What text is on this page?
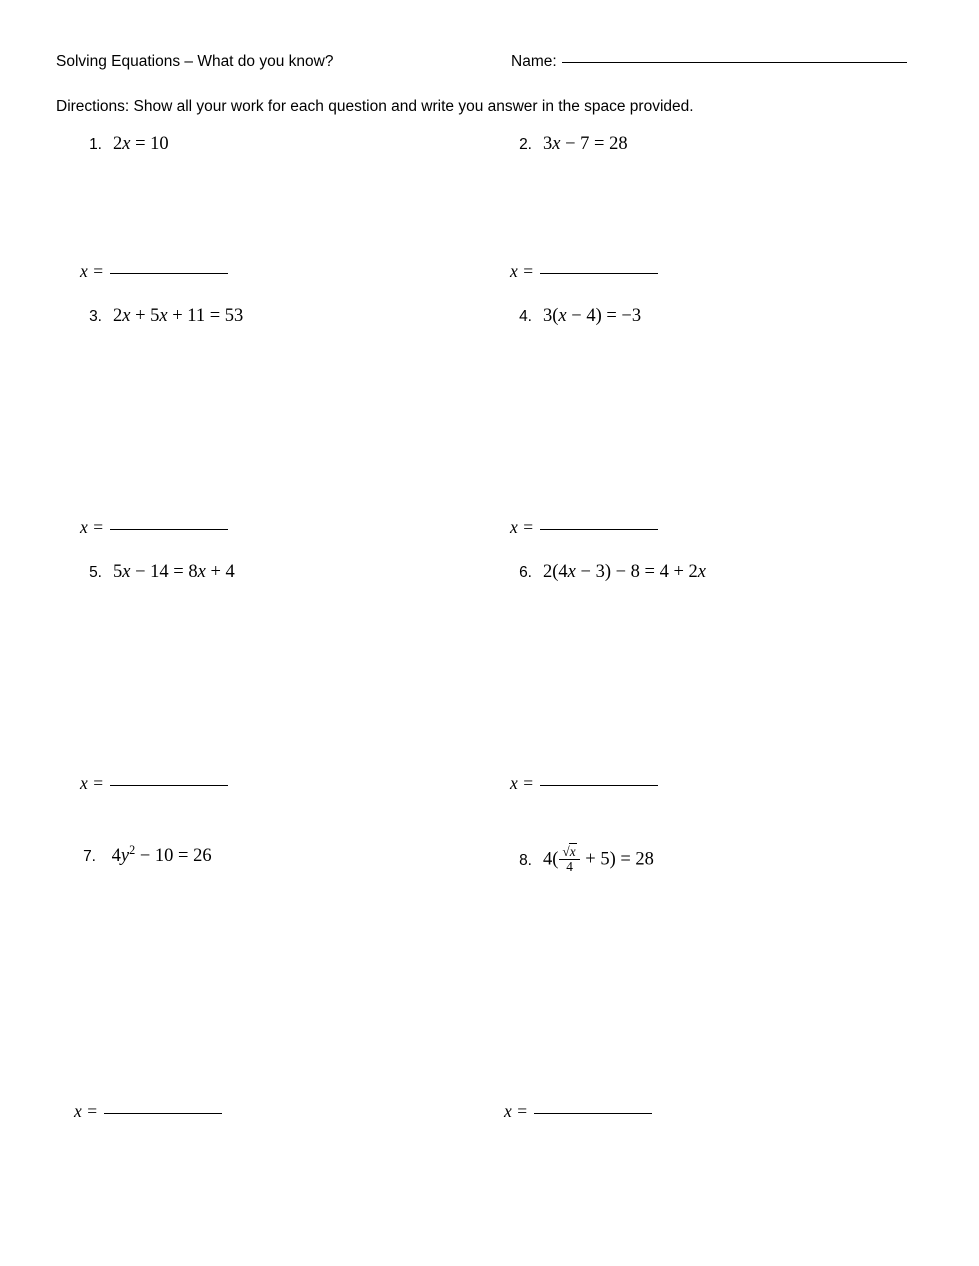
Solving Equations – What do you know?	Name:
Directions: Show all your work for each question and write you answer in the space provided.
1. 2x = 10	2. 3x − 7 = 28
x =	x =
3. 2x + 5x + 11 = 53	4. 3(x − 4) = −3
x =	x =
5. 5x − 14 = 8x + 4	6. 2(4x − 3) − 8 = 4 + 2x
x =	x =
7. $4y^2 - 10 = 26$	8. $4( \frac{√x}{4} + 5) = 28$
x =	x =
